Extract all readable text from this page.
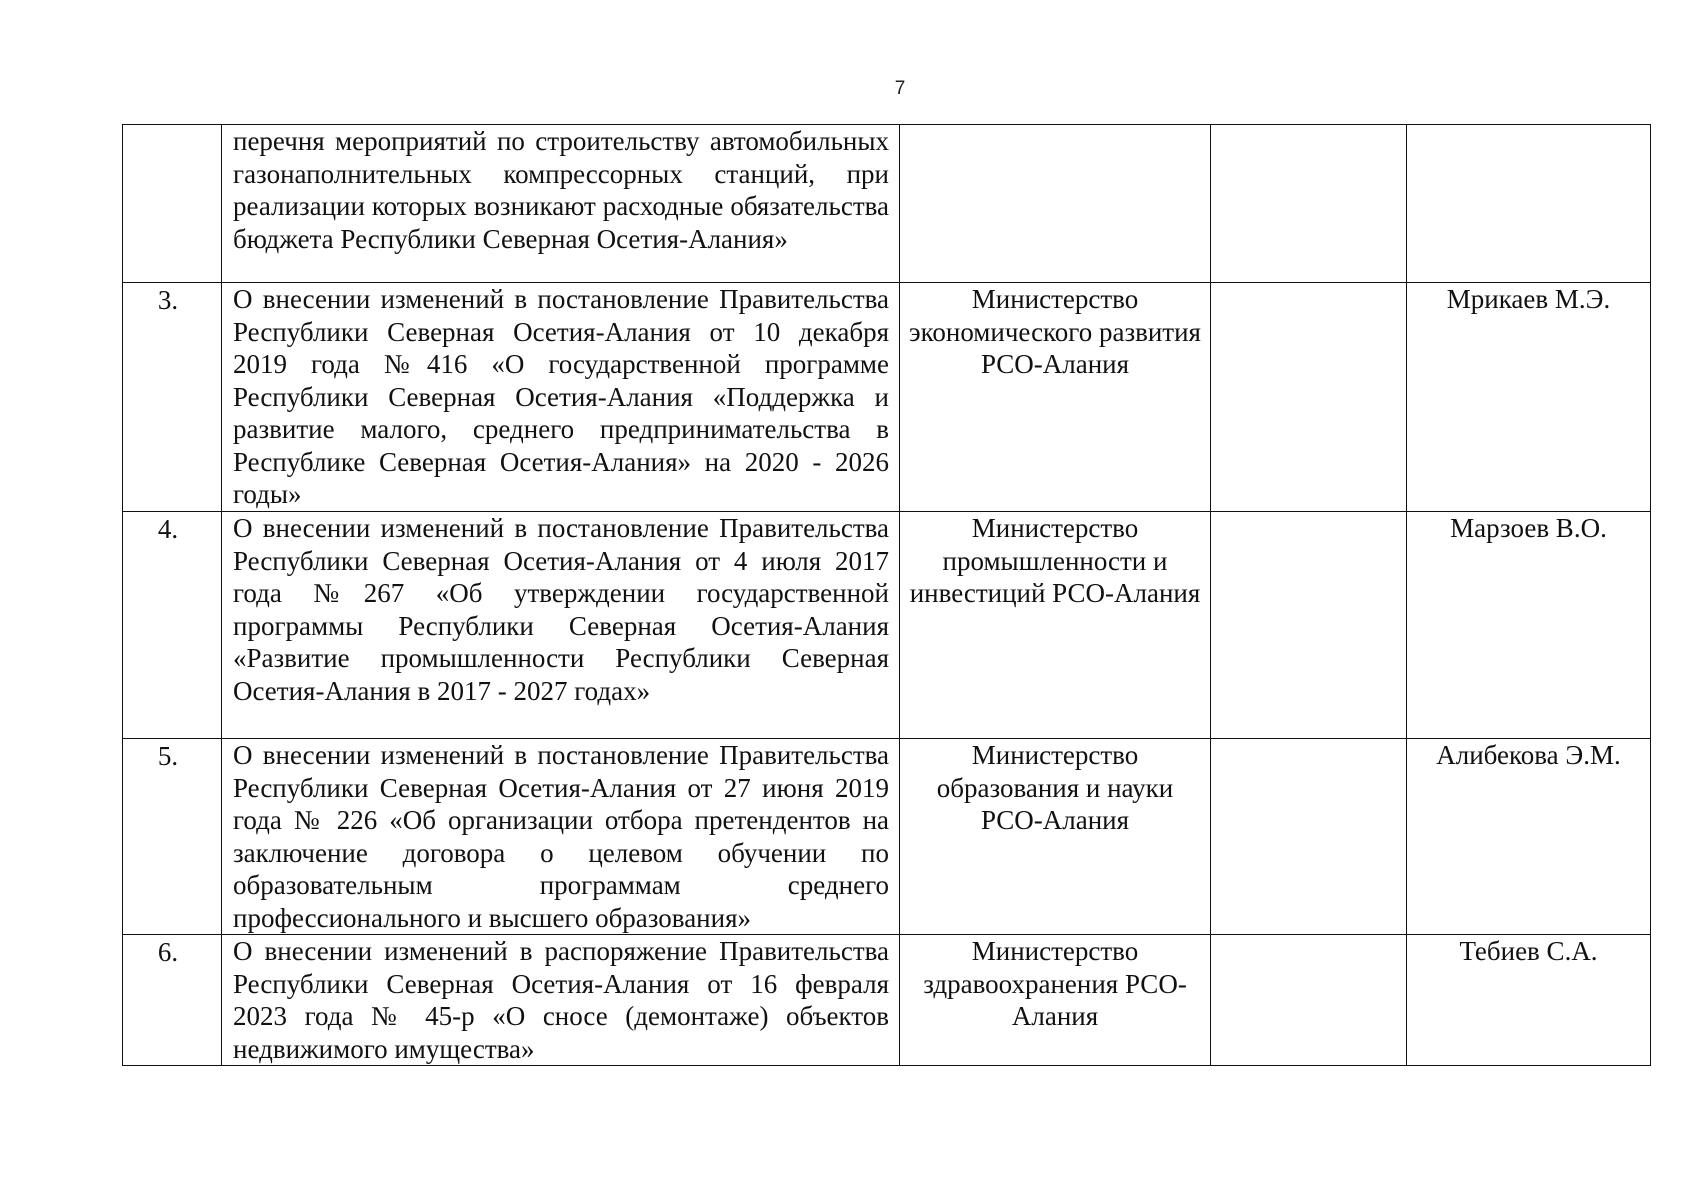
7

	перечня мероприятий по строительству автомобильных газонаполнительных компрессорных станций, при реализации которых возникают расходные обязательства бюджета Республики Северная Осетия-Алания»			

3.	О внесении изменений в постановление Правительства Республики Северная Осетия-Алания от 10 декабря 2019 года №416 «О государственной программе Республики Северная Осетия-Алания «Поддержка и развитие малого, среднего предпринимательства в Республике Северная Осетия-Алания» на 2020 - 2026 годы»	Министерство экономического развития РСО-Алания		Мрикаев М.Э.

4.	О внесении изменений в постановление Правительства Республики Северная Осетия-Алания от 4 июля 2017 года №267 «Об утверждении государственной программы Республики Северная Осетия-Алания «Развитие промышленности Республики Северная Осетия-Алания в 2017 - 2027 годах»	Министерство промышленности и инвестиций РСО-Алания		Марзоев В.О.

5.	О внесении изменений в постановление Правительства Республики Северная Осетия-Алания от 27 июня 2019 года № 226 «Об организации отбора претендентов на заключение договора о целевом обучении по образовательным программам среднего профессионального и высшего образования»	Министерство образования и науки РСО-Алания		Алибекова Э.М.

6.	О внесении изменений в распоряжение Правительства Республики Северная Осетия-Алания от 16 февраля 2023 года № 45-р «О сносе (демонтаже) объектов недвижимого имущества»	Министерство здравоохранения РСО-Алания		Тебиев С.А.
